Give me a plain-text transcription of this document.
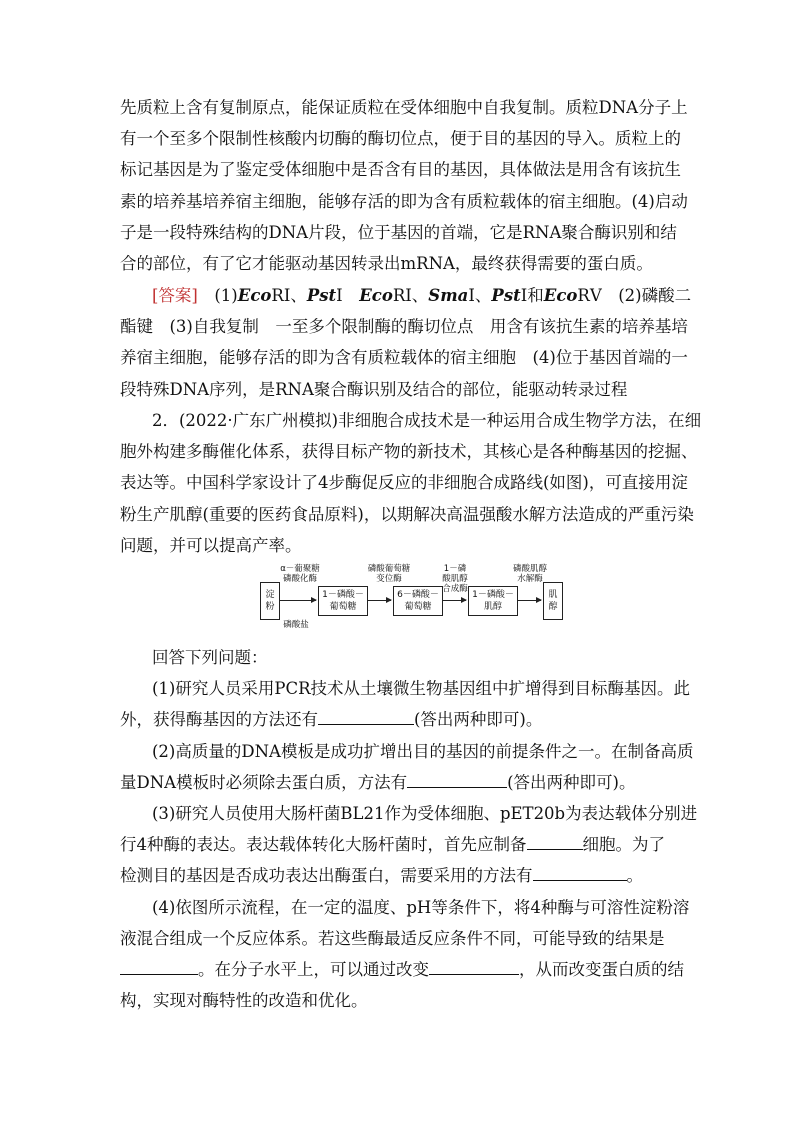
先质粒上含有复制原点，能保证质粒在受体细胞中自我复制。质粒DNA分子上
有一个至多个限制性核酸内切酶的酶切位点，便于目的基因的导入。质粒上的
标记基因是为了鉴定受体细胞中是否含有目的基因，具体做法是用含有该抗生
素的培养基培养宿主细胞，能够存活的即为含有质粒载体的宿主细胞。(4)启动
子是一段特殊结构的DNA片段，位于基因的首端，它是RNA聚合酶识别和结
合的部位，有了它才能驱动基因转录出mRNA，最终获得需要的蛋白质。
[答案]　 (1)EcoRⅠ、PstⅠ　EcoRⅠ、SmaⅠ、PstⅠ和EcoRⅤ　(2)磷酸二
酯键　(3)自我复制　一至多个限制酶的酶切位点　用含有该抗生素的培养基培
养宿主细胞，能够存活的即为含有质粒载体的宿主细胞　(4)位于基因首端的一
段特殊DNA序列，是RNA聚合酶识别及结合的部位，能驱动转录过程
2．(2022·广东广州模拟)非细胞合成技术是一种运用合成生物学方法，在细
胞外构建多酶催化体系，获得目标产物的新技术，其核心是各种酶基因的挖掘、
表达等。中国科学家设计了4步酶促反应的非细胞合成路线(如图)，可直接用淀
粉生产肌醇(重要的医药食品原料)，以期解决高温强酸水解方法造成的严重污染
问题，并可以提高产率。
淀粉
α－葡聚糖磷酸化酶
磷酸盐
1－磷酸－葡萄糖
磷酸葡萄糖变位酶
6－磷酸－葡萄糖
1－磷酸肌醇合成酶
1－磷酸－肌醇
磷酸肌醇水解酶
肌醇
回答下列问题：
(1)研究人员采用PCR技术从土壤微生物基因组中扩增得到目标酶基因。此
外，获得酶基因的方法还有	(答出两种即可)。
(2)高质量的DNA模板是成功扩增出目的基因的前提条件之一。在制备高质
量DNA模板时必须除去蛋白质，方法有	(答出两种即可)。
(3)研究人员使用大肠杆菌BL21作为受体细胞、pET20b为表达载体分别进
行4种酶的表达。表达载体转化大肠杆菌时，首先应制备	细胞。为了
检测目的基因是否成功表达出酶蛋白，需要采用的方法有	。
(4)依图所示流程，在一定的温度、pH等条件下，将4种酶与可溶性淀粉溶
液混合组成一个反应体系。若这些酶最适反应条件不同，可能导致的结果是
。在分子水平上，可以通过改变	，从而改变蛋白质的结
构，实现对酶特性的改造和优化。
